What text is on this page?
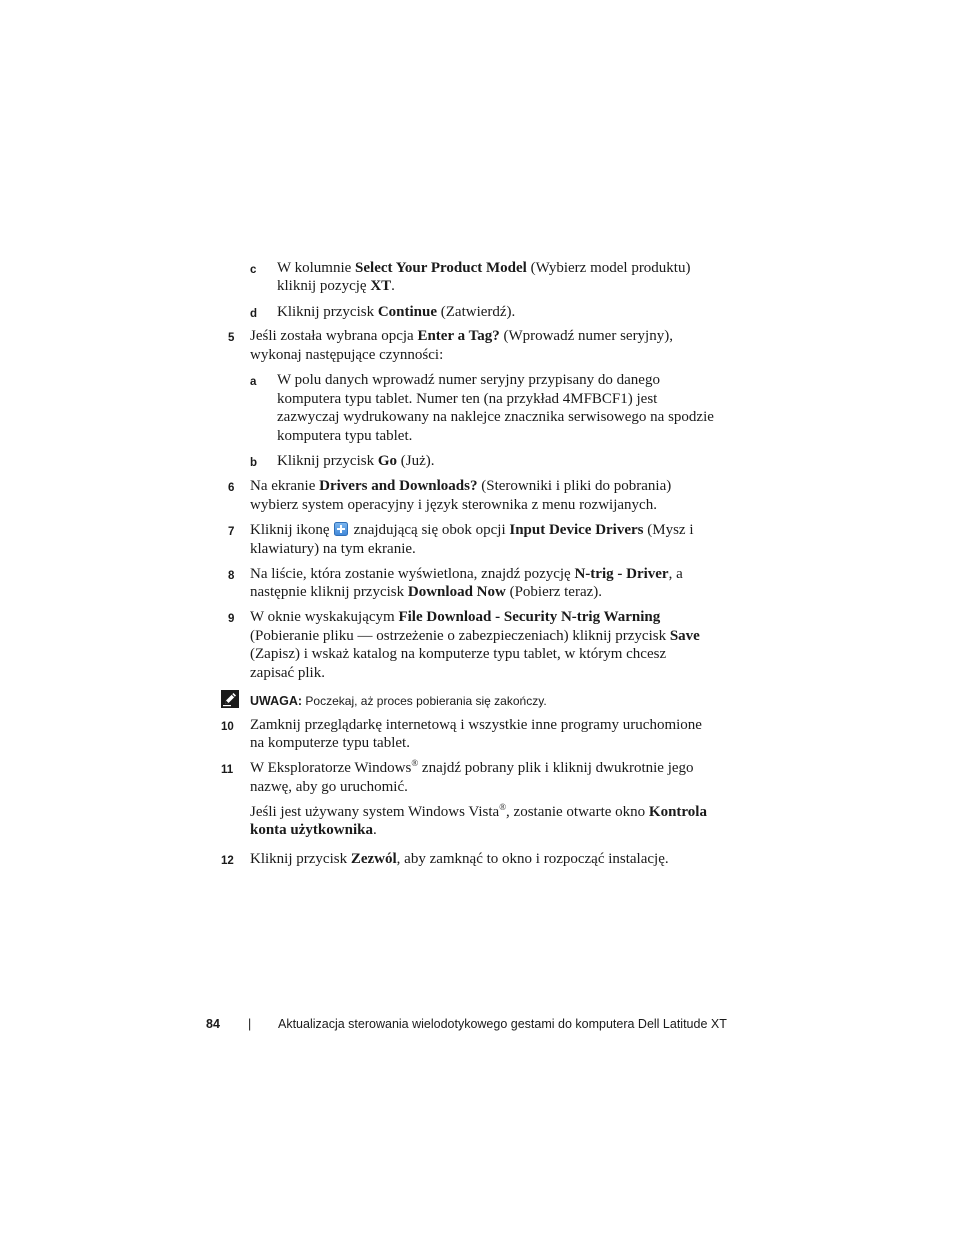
c W kolumnie Select Your Product Model (Wybierz model produktu)
kliknij pozycję XT.
d Kliknij przycisk Continue (Zatwierdź).
5 Jeśli została wybrana opcja Enter a Tag? (Wprowadź numer seryjny),
wykonaj następujące czynności:
a W polu danych wprowadź numer seryjny przypisany do danego
komputera typu tablet. Numer ten (na przykład 4MFBCF1) jest
zazwyczaj wydrukowany na naklejce znacznika serwisowego na spodzie
komputera typu tablet.
b Kliknij przycisk Go (Już).
6 Na ekranie Drivers and Downloads? (Sterowniki i pliki do pobrania)
wybierz system operacyjny i język sterownika z menu rozwijanych.
7 Kliknij ikonę znajdującą się obok opcji Input Device Drivers (Mysz i
klawiatury) na tym ekranie.
8 Na liście, która zostanie wyświetlona, znajdź pozycję N-trig - Driver, a
następnie kliknij przycisk Download Now (Pobierz teraz).
9 W oknie wyskakującym File Download - Security N-trig Warning
(Pobieranie pliku — ostrzeżenie o zabezpieczeniach) kliknij przycisk Save
(Zapisz) i wskaż katalog na komputerze typu tablet, w którym chcesz
zapisać plik.
UWAGA: Poczekaj, aż proces pobierania się zakończy.
10 Zamknij przeglądarkę internetową i wszystkie inne programy uruchomione
na komputerze typu tablet.
11 W Eksploratorze Windows® znajdź pobrany plik i kliknij dwukrotnie jego
nazwę, aby go uruchomić.
Jeśli jest używany system Windows Vista®, zostanie otwarte okno Kontrola
konta użytkownika.
12 Kliknij przycisk Zezwól, aby zamknąć to okno i rozpocząć instalację.
84 | Aktualizacja sterowania wielodotykowego gestami do komputera Dell Latitude XT
